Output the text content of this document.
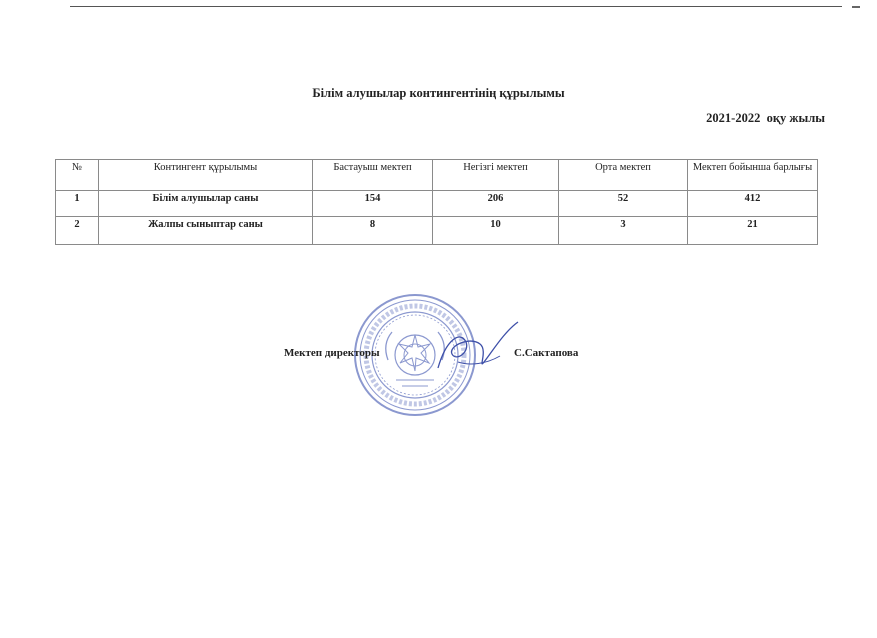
Білім алушылар контингентінің құрылымы
2021-2022  оқу жылы
№	Контингент құрылымы	Бастауыш мектеп	Негізгі мектеп	Орта мектеп	Мектеп бойынша барлығы
1	Білім алушылар саны	154	206	52	412
2	Жалпы сыныптар саны	8	10	3	21
Мектеп директоры	С.Сактапова
